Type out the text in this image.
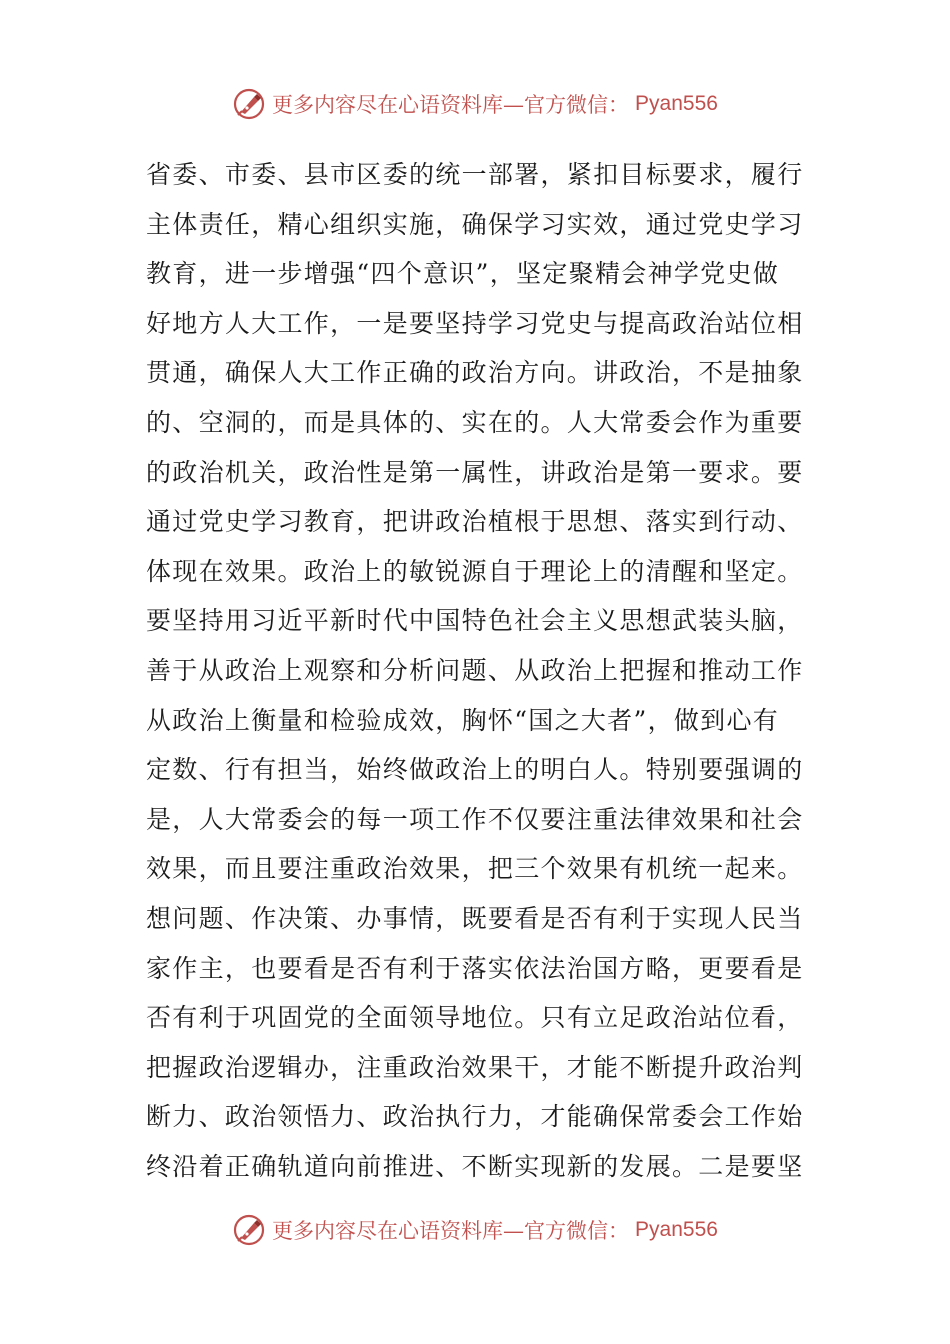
更多内容尽在心语资料库—官方微信： Pyan556
省委、市委、县市区委的统一部署，紧扣目标要求，履行
主体责任，精心组织实施，确保学习实效，通过党史学习
教育，进一步增强“四个意识”，坚定聚精会神学党史做
好地方人大工作，一是要坚持学习党史与提高政治站位相
贯通，确保人大工作正确的政治方向。讲政治，不是抽象
的、空洞的，而是具体的、实在的。人大常委会作为重要
的政治机关，政治性是第一属性，讲政治是第一要求。要
通过党史学习教育，把讲政治植根于思想、落实到行动、
体现在效果。政治上的敏锐源自于理论上的清醒和坚定。
要坚持用习近平新时代中国特色社会主义思想武装头脑，
善于从政治上观察和分析问题、从政治上把握和推动工作
从政治上衡量和检验成效，胸怀“国之大者”，做到心有
定数、行有担当，始终做政治上的明白人。特别要强调的
是，人大常委会的每一项工作不仅要注重法律效果和社会
效果，而且要注重政治效果，把三个效果有机统一起来。
想问题、作决策、办事情，既要看是否有利于实现人民当
家作主，也要看是否有利于落实依法治国方略，更要看是
否有利于巩固党的全面领导地位。只有立足政治站位看，
把握政治逻辑办，注重政治效果干，才能不断提升政治判
断力、政治领悟力、政治执行力，才能确保常委会工作始
终沿着正确轨道向前推进、不断实现新的发展。二是要坚
更多内容尽在心语资料库—官方微信： Pyan556
